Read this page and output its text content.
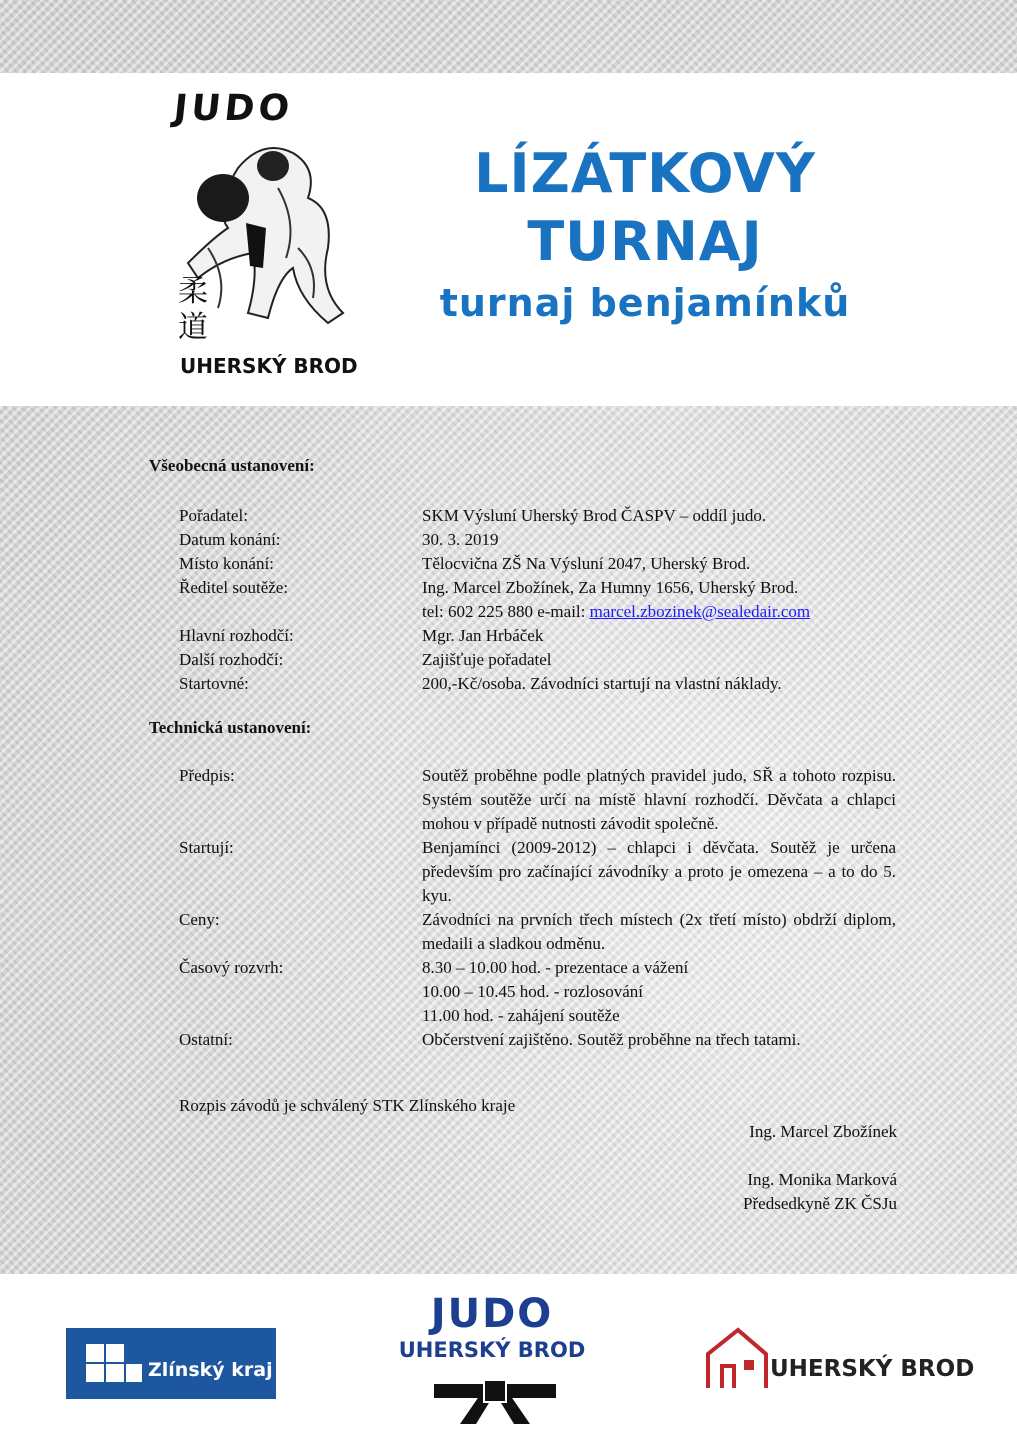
JUDO
柔道
UHERSKÝ BROD
LÍZÁTKOVÝ
TURNAJ
turnaj benjamínků
Všeobecná ustanovení:
Pořadatel:	SKM Výsluní Uherský Brod ČASPV – oddíl judo.
Datum konání:	30. 3. 2019
Místo konání:	Tělocvična ZŠ Na Výsluní 2047, Uherský Brod.
Ředitel soutěže:	Ing. Marcel Zbožínek, Za Humny 1656, Uherský Brod.
tel: 602 225 880 e-mail: marcel.zbozinek@sealedair.com
Hlavní rozhodčí:	Mgr. Jan Hrbáček
Další rozhodčí:	Zajišťuje pořadatel
Startovné:	200,-Kč/osoba. Závodníci startují na vlastní náklady.
Technická ustanovení:
Předpis:	Soutěž proběhne podle platných pravidel judo, SŘ a tohoto rozpisu. Systém soutěže určí na místě hlavní rozhodčí. Děvčata a chlapci mohou v případě nutnosti závodit společně.
Startují:	Benjamínci (2009-2012) – chlapci i děvčata. Soutěž je určena především pro začínající závodníky a proto je omezena – a to do 5. kyu.
Ceny:	Závodníci na prvních třech místech (2x třetí místo) obdrží diplom, medaili a sladkou odměnu.
Časový rozvrh:	8.30 – 10.00 hod. - prezentace a vážení
10.00 – 10.45 hod. - rozlosování
11.00 hod. - zahájení soutěže
Ostatní:	Občerstvení zajištěno. Soutěž proběhne na třech tatami.
Rozpis závodů je schválený STK Zlínského kraje
Ing. Marcel Zbožínek
Ing. Monika Marková
Předsedkyně ZK ČSJu
Zlínský kraj
JUDO
UHERSKÝ BROD
UHERSKÝ BROD
